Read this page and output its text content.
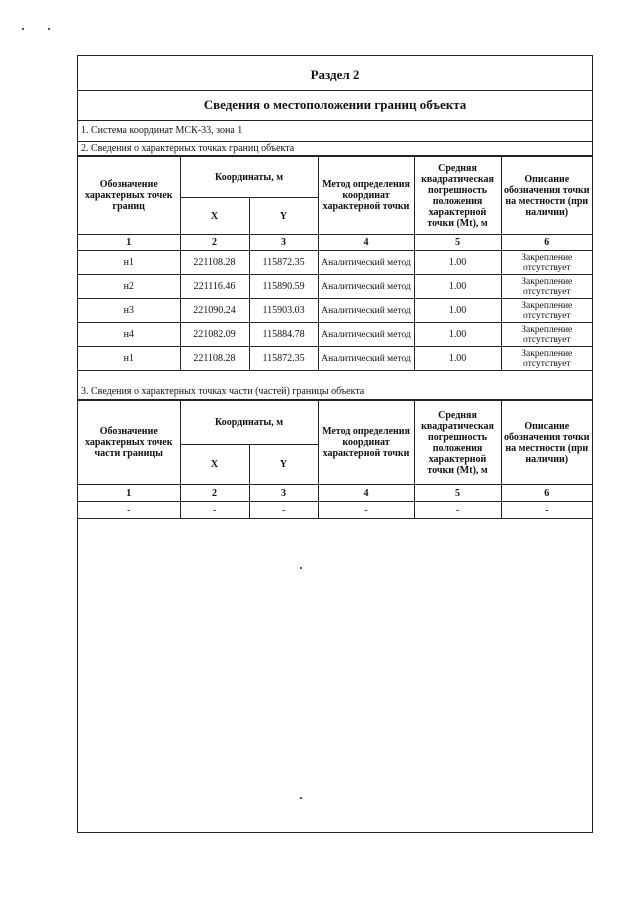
Раздел 2
Сведения о местоположении границ объекта
1. Система координат МСК-33, зона 1
2. Сведения о характерных точках границ объекта
Обозначение характерных точек границ	Координаты, м		Метод определения координат характерной точки	Средняя квадратическая погрешность положения характерной точки (Mt), м	Описание обозначения точки на местности (при наличии)
	X	Y			
1	2	3	4	5	6
н1	221108.28	115872.35	Аналитический метод	1.00	Закрепление отсутствует
н2	221116.46	115890.59	Аналитический метод	1.00	Закрепление отсутствует
н3	221090.24	115903.03	Аналитический метод	1.00	Закрепление отсутствует
н4	221082.09	115884.78	Аналитический метод	1.00	Закрепление отсутствует
н1	221108.28	115872.35	Аналитический метод	1.00	Закрепление отсутствует
3. Сведения о характерных точках части (частей) границы объекта
Обозначение характерных точек части границы	Координаты, м		Метод определения координат характерной точки	Средняя квадратическая погрешность положения характерной точки (Mt), м	Описание обозначения точки на местности (при наличии)
	X	Y			
1	2	3	4	5	6
-	-	-	-	-	-
